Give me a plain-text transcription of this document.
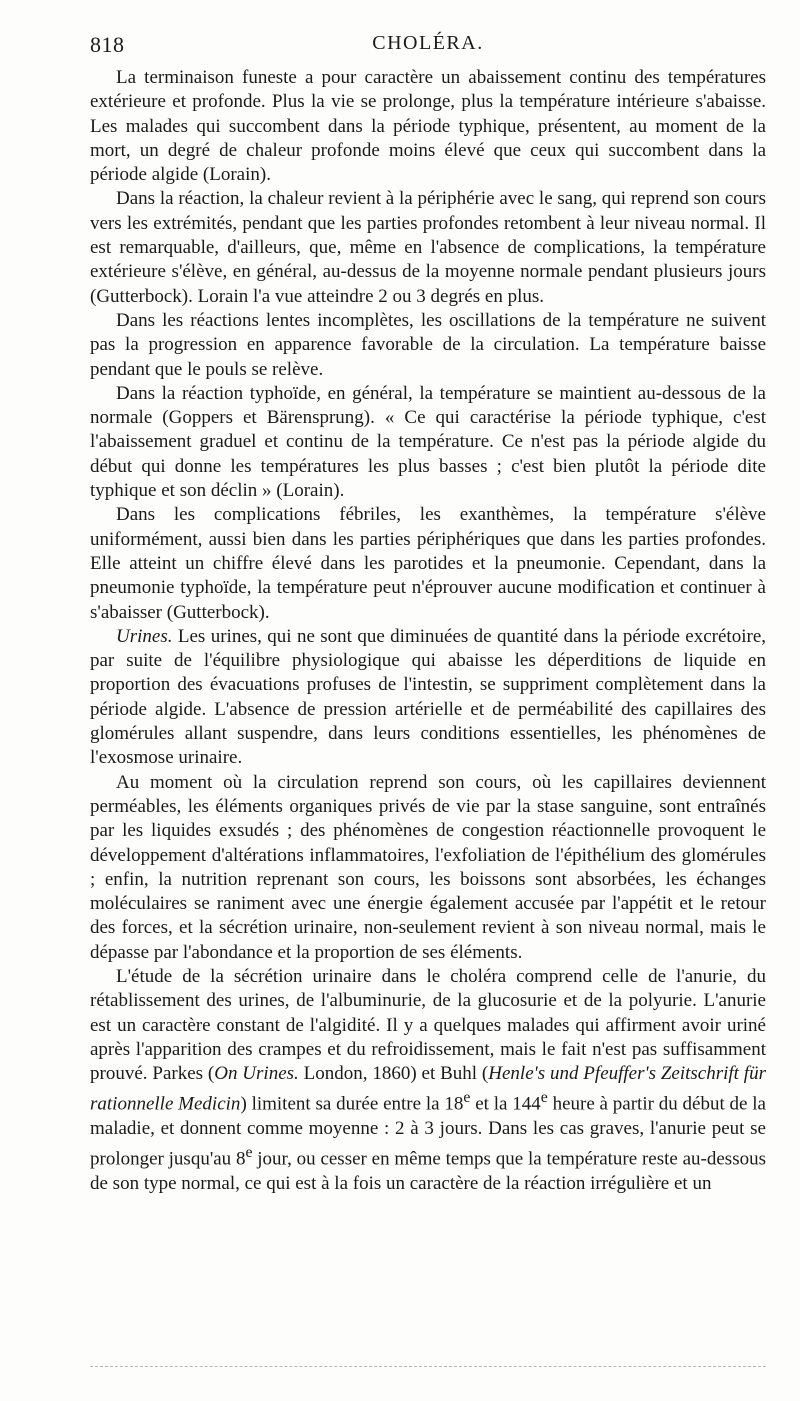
818	CHOLÉRA.

La terminaison funeste a pour caractère un abaissement continu des températures extérieure et profonde. Plus la vie se prolonge, plus la température intérieure s'abaisse. Les malades qui succombent dans la période typhique, présentent, au moment de la mort, un degré de chaleur profonde moins élevé que ceux qui succombent dans la période algide (Lorain).

Dans la réaction, la chaleur revient à la périphérie avec le sang, qui reprend son cours vers les extrémités, pendant que les parties profondes retombent à leur niveau normal. Il est remarquable, d'ailleurs, que, même en l'absence de complications, la température extérieure s'élève, en général, au-dessus de la moyenne normale pendant plusieurs jours (Gutterbock). Lorain l'a vue atteindre 2 ou 3 degrés en plus.

Dans les réactions lentes incomplètes, les oscillations de la température ne suivent pas la progression en apparence favorable de la circulation. La température baisse pendant que le pouls se relève.

Dans la réaction typhoïde, en général, la température se maintient au-dessous de la normale (Goppers et Bärensprung). « Ce qui caractérise la période typhique, c'est l'abaissement graduel et continu de la température. Ce n'est pas la période algide du début qui donne les températures les plus basses ; c'est bien plutôt la période dite typhique et son déclin » (Lorain).

Dans les complications fébriles, les exanthèmes, la température s'élève uniformément, aussi bien dans les parties périphériques que dans les parties profondes. Elle atteint un chiffre élevé dans les parotides et la pneumonie. Cependant, dans la pneumonie typhoïde, la température peut n'éprouver aucune modification et continuer à s'abaisser (Gutterbock).

Urines. Les urines, qui ne sont que diminuées de quantité dans la période excrétoire, par suite de l'équilibre physiologique qui abaisse les déperditions de liquide en proportion des évacuations profuses de l'intestin, se suppriment complètement dans la période algide. L'absence de pression artérielle et de perméabilité des capillaires des glomérules allant suspendre, dans leurs conditions essentielles, les phénomènes de l'exosmose urinaire.

Au moment où la circulation reprend son cours, où les capillaires deviennent perméables, les éléments organiques privés de vie par la stase sanguine, sont entraînés par les liquides exsudés ; des phénomènes de congestion réactionnelle provoquent le développement d'altérations inflammatoires, l'exfoliation de l'épithélium des glomérules ; enfin, la nutrition reprenant son cours, les boissons sont absorbées, les échanges moléculaires se raniment avec une énergie également accusée par l'appétit et le retour des forces, et la sécrétion urinaire, non-seulement revient à son niveau normal, mais le dépasse par l'abondance et la proportion de ses éléments.

L'étude de la sécrétion urinaire dans le choléra comprend celle de l'anurie, du rétablissement des urines, de l'albuminurie, de la glucosurie et de la polyurie. L'anurie est un caractère constant de l'algidité. Il y a quelques malades qui affirment avoir uriné après l'apparition des crampes et du refroidissement, mais le fait n'est pas suffisamment prouvé. Parkes (On Urines. London, 1860) et Buhl (Henle's und Pfeuffer's Zeitschrift für rationnelle Medicin) limitent sa durée entre la 18e et la 144e heure à partir du début de la maladie, et donnent comme moyenne : 2 à 3 jours. Dans les cas graves, l'anurie peut se prolonger jusqu'au 8e jour, ou cesser en même temps que la température reste au-dessous de son type normal, ce qui est à la fois un caractère de la réaction irrégulière et un
